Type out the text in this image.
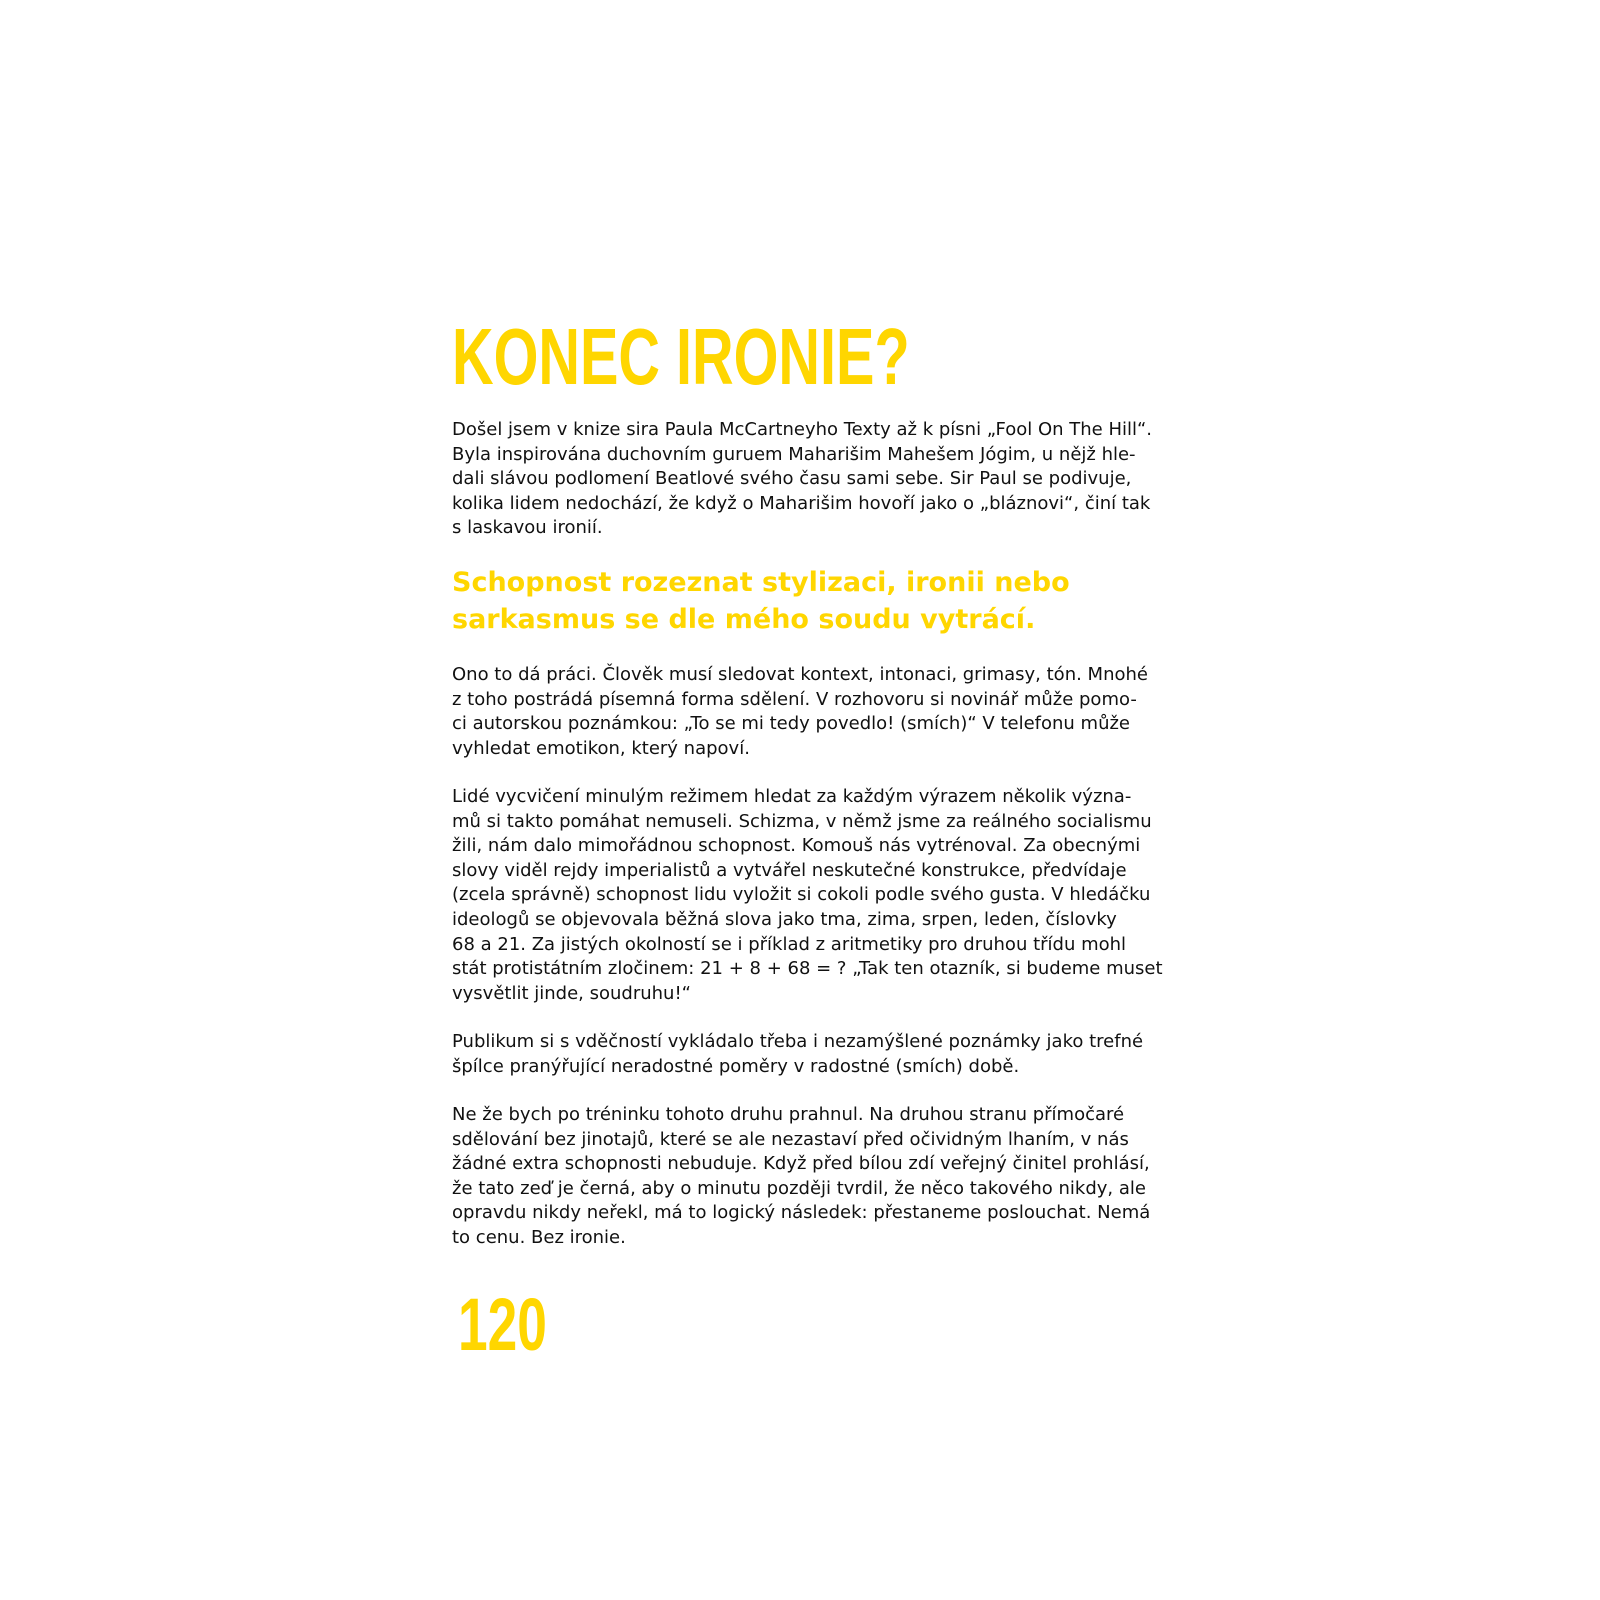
KONEC IRONIE?

Došel jsem v knize sira Paula McCartneyho Texty až k písni „Fool On The Hill“.
Byla inspirována duchovním guruem Maharišim Mahešem Jógim, u nějž hle-
dali slávou podlomení Beatlové svého času sami sebe. Sir Paul se podivuje,
kolika lidem nedochází, že když o Maharišim hovoří jako o „bláznovi“, činí tak
s laskavou ironií.

Schopnost rozeznat stylizaci, ironii nebo
sarkasmus se dle mého soudu vytrácí.

Ono to dá práci. Člověk musí sledovat kontext, intonaci, grimasy, tón. Mnohé
z toho postrádá písemná forma sdělení. V rozhovoru si novinář může pomo-
ci autorskou poznámkou: „To se mi tedy povedlo! (smích)“ V telefonu může
vyhledat emotikon, který napoví.

Lidé vycvičení minulým režimem hledat za každým výrazem několik význa-
mů si takto pomáhat nemuseli. Schizma, v němž jsme za reálného socialismu
žili, nám dalo mimořádnou schopnost. Komouš nás vytrénoval. Za obecnými
slovy viděl rejdy imperialistů a vytvářel neskutečné konstrukce, předvídaje
(zcela správně) schopnost lidu vyložit si cokoli podle svého gusta. V hledáčku
ideologů se objevovala běžná slova jako tma, zima, srpen, leden, číslovky
68 a 21. Za jistých okolností se i příklad z aritmetiky pro druhou třídu mohl
stát protistátním zločinem: 21 + 8 + 68 = ? „Tak ten otazník, si budeme muset
vysvětlit jinde, soudruhu!“

Publikum si s vděčností vykládalo třeba i nezamýšlené poznámky jako trefné
špílce pranýřující neradostné poměry v radostné (smích) době.

Ne že bych po tréninku tohoto druhu prahnul. Na druhou stranu přímočaré
sdělování bez jinotajů, které se ale nezastaví před očividným lhaním, v nás
žádné extra schopnosti nebuduje. Když před bílou zdí veřejný činitel prohlásí,
že tato zeď je černá, aby o minutu později tvrdil, že něco takového nikdy, ale
opravdu nikdy neřekl, má to logický následek: přestaneme poslouchat. Nemá
to cenu. Bez ironie.

120
